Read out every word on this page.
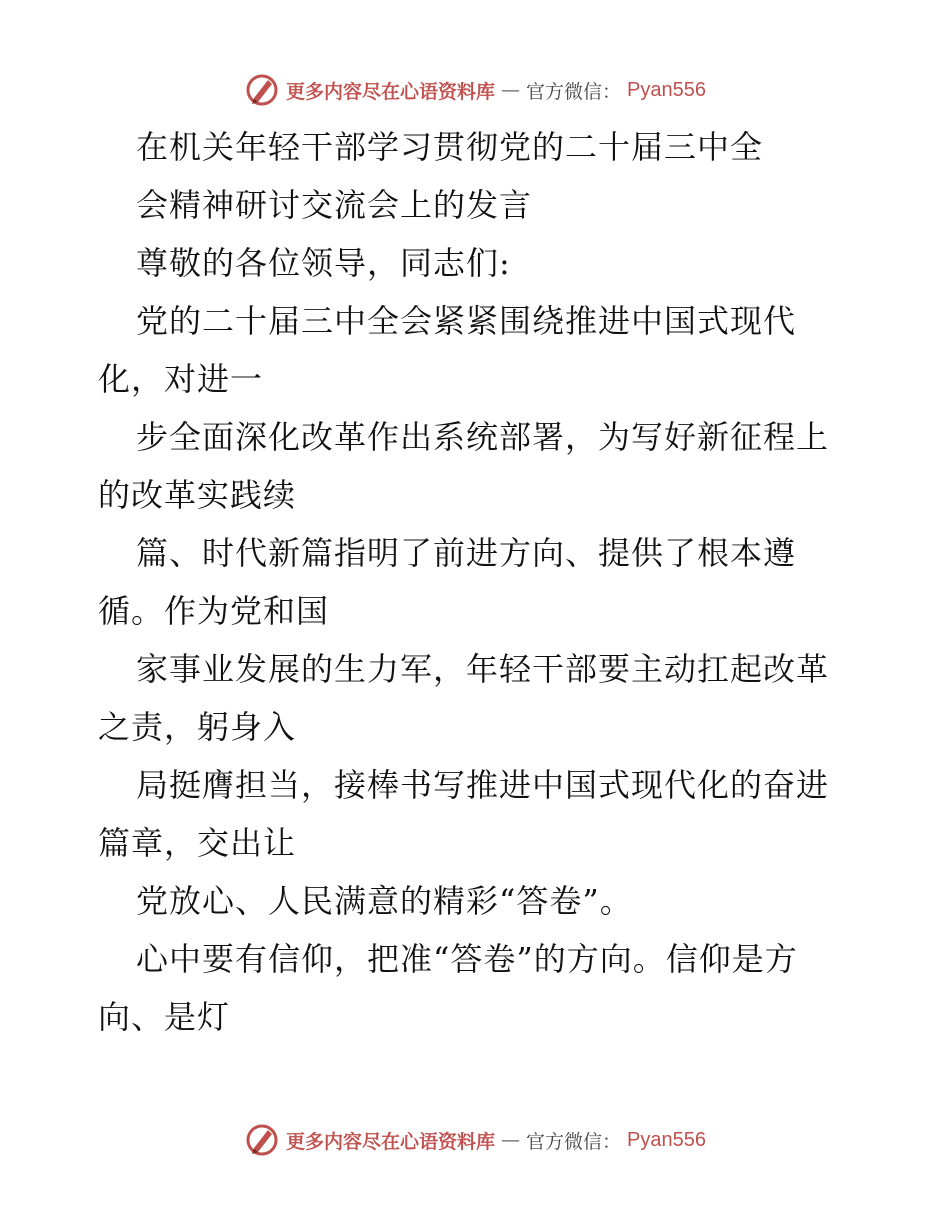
更多内容尽在心语资料库 — 官方微信： Pyan556
在机关年轻干部学习贯彻党的二十届三中全
会精神研讨交流会上的发言
尊敬的各位领导，同志们:
党的二十届三中全会紧紧围绕推进中国式现代
化，对进一
步全面深化改革作出系统部署，为写好新征程上
的改革实践续
篇、时代新篇指明了前进方向、提供了根本遵
循。作为党和国
家事业发展的生力军，年轻干部要主动扛起改革
之责，躬身入
局挺膺担当，接棒书写推进中国式现代化的奋进
篇章，交出让
党放心、人民满意的精彩“答卷”。
心中要有信仰，把准“答卷”的方向。信仰是方
向、是灯
更多内容尽在心语资料库 — 官方微信： Pyan556
